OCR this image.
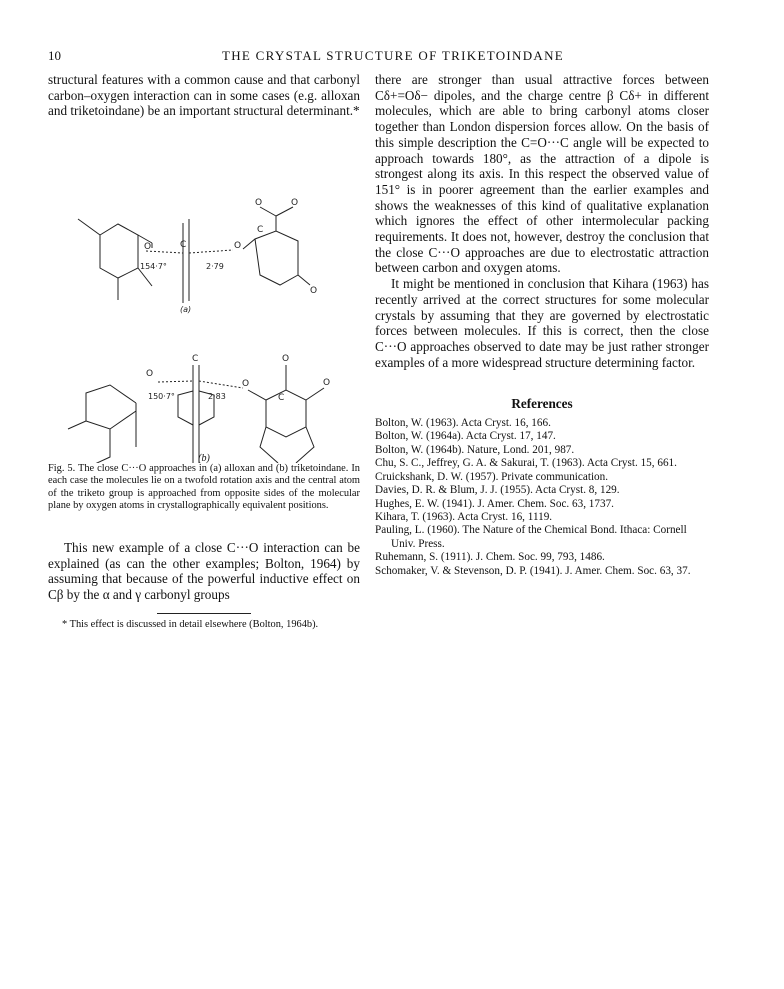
10	THE CRYSTAL STRUCTURE OF TRIKETOINDANE

structural features with a common cause and that carbonyl carbon–oxygen interaction can in some cases (e.g. alloxan and triketoindane) be an important structural determinant.*

O	C	O
C
O	O
O
154·7°	2·79
(a)
O
C
O
C
O
O
150·7°	2·83
(b)

Fig. 5. The close C···O approaches in (a) alloxan and (b) triketoindane. In each case the molecules lie on a twofold rotation axis and the central atom of the triketo group is approached from opposite sides of the molecular plane by oxygen atoms in crystallographically equivalent positions.

This new example of a close C···O interaction can be explained (as can the other examples; Bolton, 1964) by assuming that because of the powerful inductive effect on Cβ by the α and γ carbonyl groups

* This effect is discussed in detail elsewhere (Bolton, 1964b).

there are stronger than usual attractive forces between Cδ+=Oδ− dipoles, and the charge centre β Cδ+ in different molecules, which are able to bring carbonyl atoms closer together than London dispersion forces allow. On the basis of this simple description the C=O···C angle will be expected to approach towards 180°, as the attraction of a dipole is strongest along its axis. In this respect the observed value of 151° is in poorer agreement than the earlier examples and shows the weaknesses of this kind of qualitative explanation which ignores the effect of other intermolecular packing requirements. It does not, however, destroy the conclusion that the close C···O approaches are due to electrostatic attraction between carbon and oxygen atoms.

It might be mentioned in conclusion that Kihara (1963) has recently arrived at the correct structures for some molecular crystals by assuming that they are governed by electrostatic forces between molecules. If this is correct, then the close C···O approaches observed to date may be just rather stronger examples of a more widespread structure determining factor.

References
Bolton, W. (1963). Acta Cryst. 16, 166.
Bolton, W. (1964a). Acta Cryst. 17, 147.
Bolton, W. (1964b). Nature, Lond. 201, 987.
Chu, S. C., Jeffrey, G. A. & Sakurai, T. (1963). Acta Cryst. 15, 661.
Cruickshank, D. W. (1957). Private communication.
Davies, D. R. & Blum, J. J. (1955). Acta Cryst. 8, 129.
Hughes, E. W. (1941). J. Amer. Chem. Soc. 63, 1737.
Kihara, T. (1963). Acta Cryst. 16, 1119.
Pauling, L. (1960). The Nature of the Chemical Bond. Ithaca: Cornell Univ. Press.
Ruhemann, S. (1911). J. Chem. Soc. 99, 793, 1486.
Schomaker, V. & Stevenson, D. P. (1941). J. Amer. Chem. Soc. 63, 37.
